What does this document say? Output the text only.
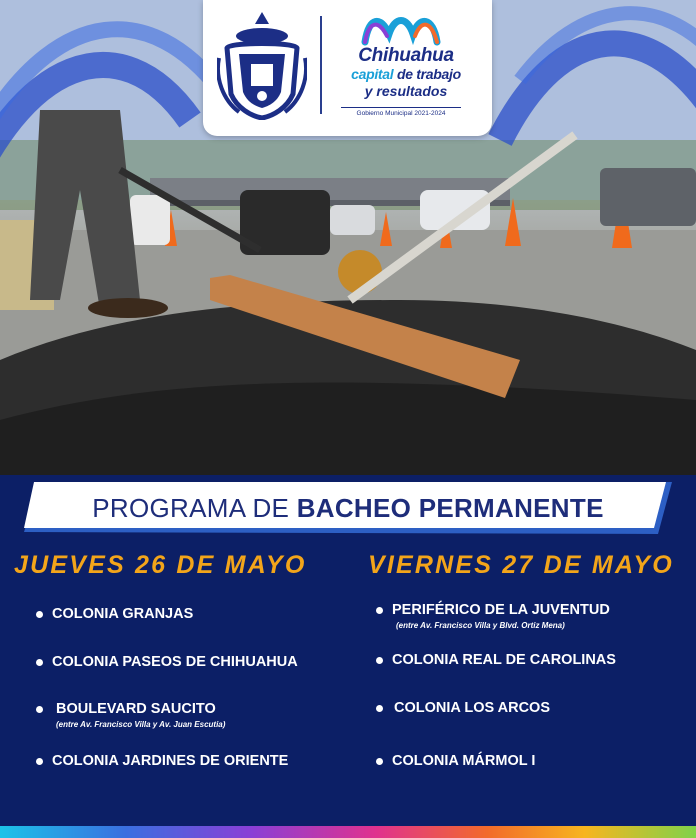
Chihuahua
capital de trabajo
y resultados
Gobierno Municipal 2021-2024
PROGRAMA DE BACHEO PERMANENTE
JUEVES 26 DE MAYO
COLONIA GRANJAS
COLONIA PASEOS DE CHIHUAHUA
BOULEVARD SAUCITO
(entre Av. Francisco Villa y Av. Juan Escutia)
COLONIA JARDINES DE ORIENTE
VIERNES 27 DE MAYO
PERIFÉRICO DE LA JUVENTUD
(entre Av. Francisco Villa y Blvd. Ortiz Mena)
COLONIA REAL DE CAROLINAS
COLONIA LOS ARCOS
COLONIA MÁRMOL I
